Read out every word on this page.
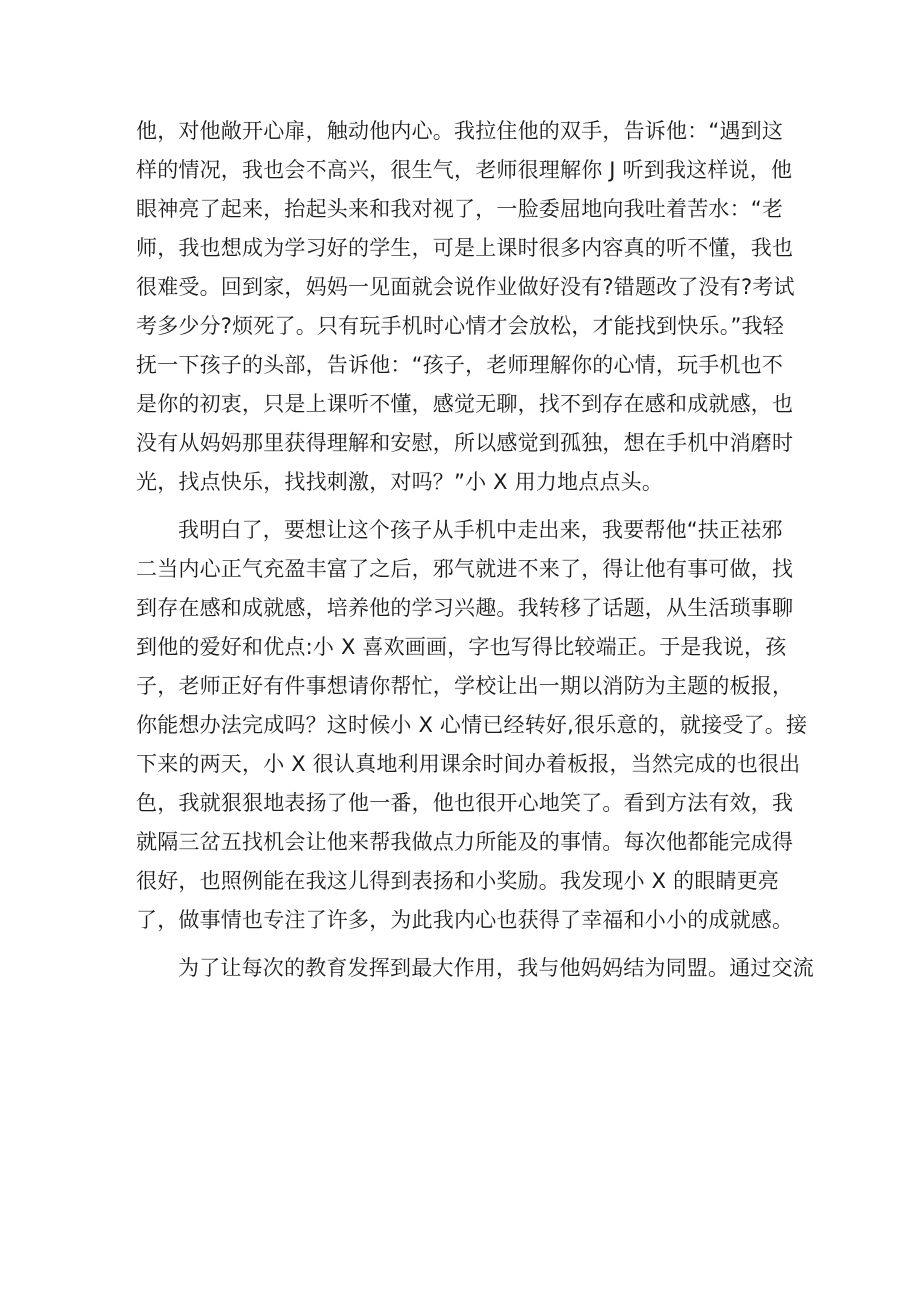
他，对他敞开心扉，触动他内心。我拉住他的双手，告诉他：“遇到这
样的情况，我也会不高兴，很生气，老师很理解你 J 听到我这样说，他
眼神亮了起来，抬起头来和我对视了，一脸委屈地向我吐着苦水：“老
师，我也想成为学习好的学生，可是上课时很多内容真的听不懂，我也
很难受。回到家，妈妈一见面就会说作业做好没有?错题改了没有?考试
考多少分?烦死了。只有玩手机时心情才会放松，才能找到快乐。”我轻
抚一下孩子的头部，告诉他：“孩子，老师理解你的心情，玩手机也不
是你的初衷，只是上课听不懂，感觉无聊，找不到存在感和成就感，也
没有从妈妈那里获得理解和安慰，所以感觉到孤独，想在手机中消磨时
光，找点快乐，找找刺激，对吗？”小 X 用力地点点头。
我明白了，要想让这个孩子从手机中走出来，我要帮他“扶正祛邪
二当内心正气充盈丰富了之后，邪气就进不来了，得让他有事可做，找
到存在感和成就感，培养他的学习兴趣。我转移了话题，从生活琐事聊
到他的爱好和优点:小 X 喜欢画画，字也写得比较端正。于是我说，孩
子，老师正好有件事想请你帮忙，学校让出一期以消防为主题的板报，
你能想办法完成吗？这时候小 X 心情已经转好,很乐意的，就接受了。接
下来的两天，小 X 很认真地利用课余时间办着板报，当然完成的也很出
色，我就狠狠地表扬了他一番，他也很开心地笑了。看到方法有效，我
就隔三岔五找机会让他来帮我做点力所能及的事情。每次他都能完成得
很好，也照例能在我这儿得到表扬和小奖励。我发现小 X 的眼睛更亮
了，做事情也专注了许多，为此我内心也获得了幸福和小小的成就感。
为了让每次的教育发挥到最大作用，我与他妈妈结为同盟。通过交流
